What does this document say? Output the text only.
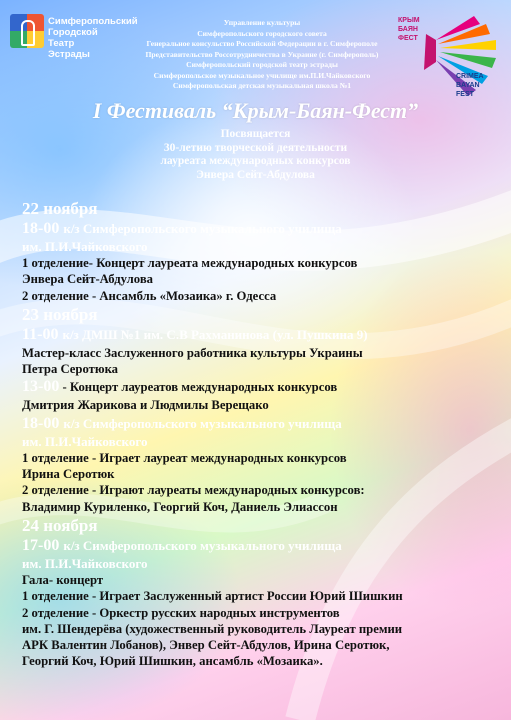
Симферопольский
Городской
Театр
Эстрады
Управление культуры
Симферопольского городского совета
Генеральное консульство Российской Федерации в г. Симферополе
Представительство Россотрудничества в Украине (г. Симферополь)
Симферопольский городской театр эстрады
Симферопольское музыкальное училище им.П.И.Чайковского
Симферопольская детская музыкальная школа №1
КРЫМ
БАЯН
ФЕСТ
CRIMEA
BAYAN
FEST
I Фестиваль “Крым-Баян-Фест”
Посвящается
30-летию творческой деятельности
лауреата международных конкурсов
Энвера Сейт-Абдулова
22 ноября
18-00 к/з Симферопольского музыкального училища
им. П.И.Чайковского
1 отделение- Концерт лауреата международных конкурсов
Энвера Сейт-Абдулова
2 отделение - Ансамбль «Мозаика» г. Одесса
23 ноября
11-00 к/з ДМШ №1 им. С.В Рахманинова (ул. Пушкина 9)
Мастер-класс Заслуженного работника культуры Украины
Петра Серотюка
13-00 - Концерт лауреатов международных конкурсов
Дмитрия Жарикова и Людмилы Верещако
18-00 к/з Симферопольского музыкального училища
им. П.И.Чайковского
1 отделение - Играет лауреат международных конкурсов
Ирина Серотюк
2 отделение - Играют лауреаты международных конкурсов:
Владимир Куриленко, Георгий Коч, Даниель Элиассон
24 ноября
17-00 к/з Симферопольского музыкального училища
им. П.И.Чайковского
Гала- концерт
1 отделение - Играет Заслуженный артист России Юрий Шишкин
2 отделение - Оркестр русских народных инструментов
им. Г. Шендерёва (художественный руководитель Лауреат премии
АРК Валентин Лобанов), Энвер Сейт-Абдулов, Ирина Серотюк,
Георгий Коч, Юрий Шишкин, ансамбль «Мозаика».
